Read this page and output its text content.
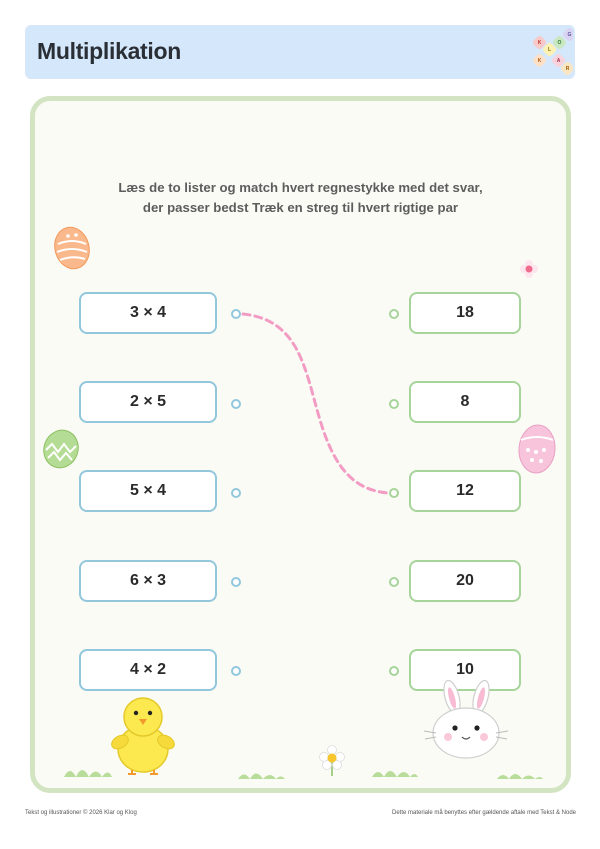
Multiplikation	K
L
O
G
K	A
R
Læs de to lister og match hvert regnestykke med det svar,
der passer bedst Træk en streg til hvert rigtige par
3 × 4
2 × 5
5 × 4
6 × 3
4 × 2
18
8
12
20
10
Tekst og illustrationer © 2026 Klar og Klog	Dette materiale må benyttes efter gældende aftale med Tekst & Node
